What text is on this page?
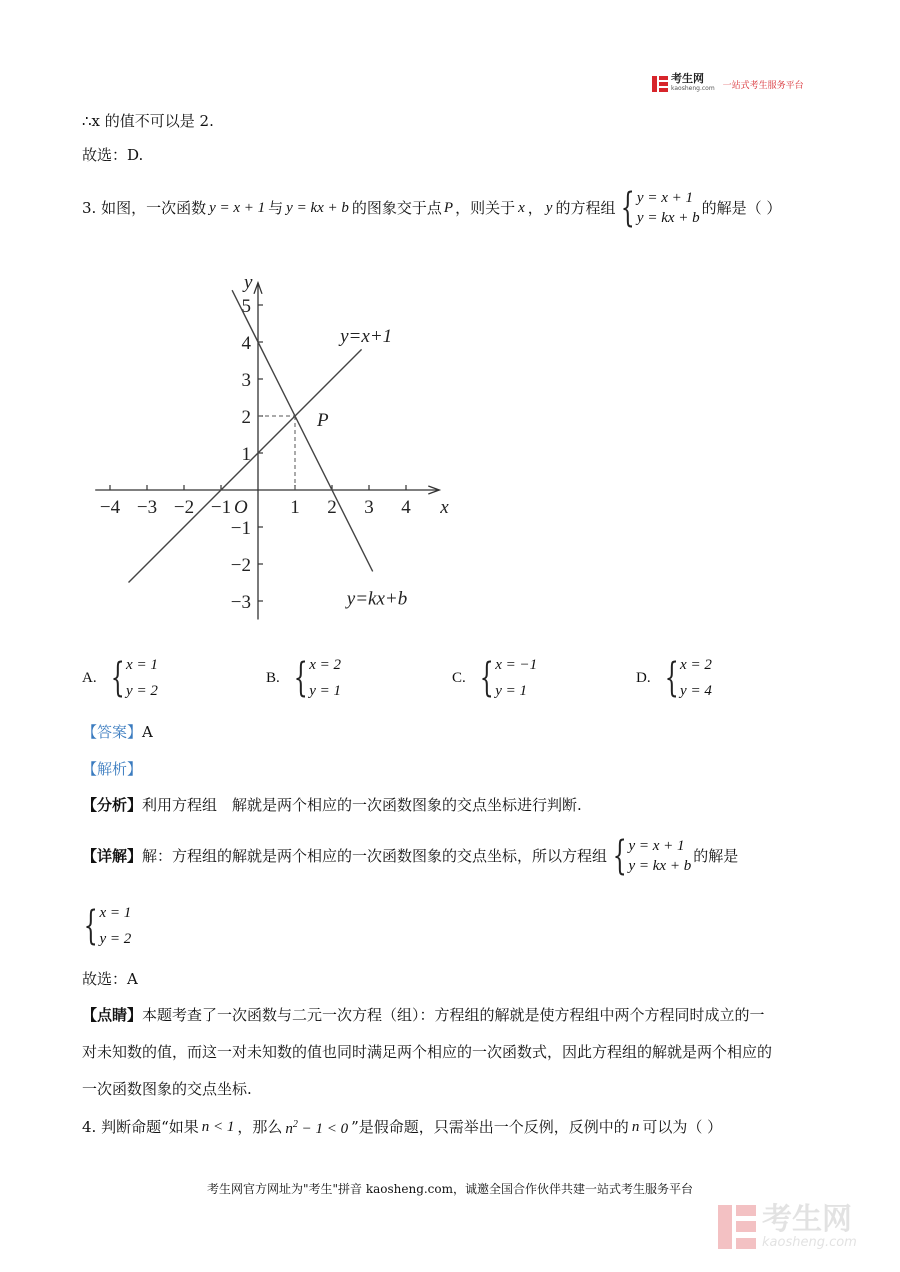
考生网
kaosheng.com 一站式考生服务平台
∴x 的值不可以是 2.
故选：D.
3. 如图，一次函数 y = x + 1 与 y = kx + b 的图象交于点 P ，则关于 x ， y 的方程组 { y = x + 1
y = kx + b
的解是（ ）
−4 −3 −2 −1	1 2 3 4
5
4
3
2
1
−1
−2
−3
x
y
O
y=x+1
y=kx+b
P
A. { x = 1
y = 2
B. { x = 2
y = 1
C. { x = −1
y = 1
D. { x = 2
y = 4
【答案】A
【解析】
【分析】利用方程组　解就是两个相应的一次函数图象的交点坐标进行判断.
【详解】 解：方程组的解就是两个相应的一次函数图象的交点坐标，所以方程组 { y = x + 1
y = kx + b
的解是
{ x = 1
y = 2
故选：A
【点睛】本题考查了一次函数与二元一次方程（组）：方程组的解就是使方程组中两个方程同时成立的一
对未知数的值，而这一对未知数的值也同时满足两个相应的一次函数式，因此方程组的解就是两个相应的
一次函数图象的交点坐标.
4. 判断命题“如果 n < 1 ，那么 $n^2 - 1 < 0$ ”是假命题，只需举出一个反例，反例中的 n 可以为（ ）
考生网官方网址为"考生"拼音 kaosheng.com，诚邀全国合作伙伴共建一站式考生服务平台
考生网
kaosheng.com
